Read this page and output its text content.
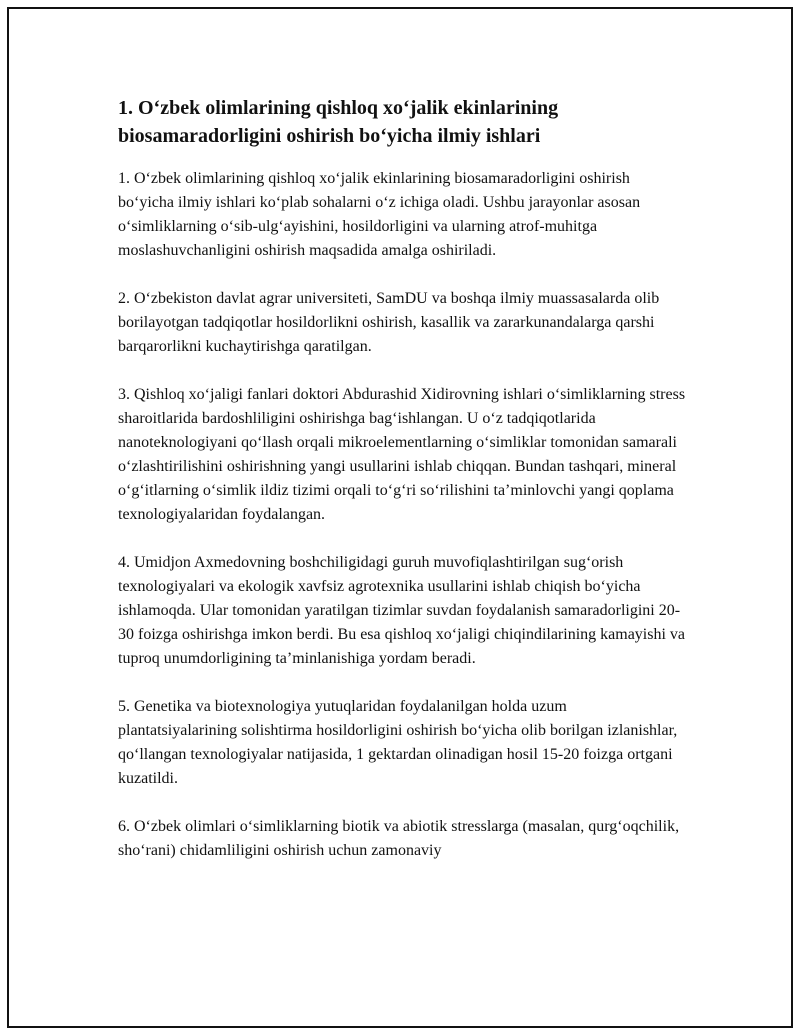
1. O‘zbek olimlarining qishloq xo‘jalik ekinlarining biosamaradorligini oshirish bo‘yicha ilmiy ishlari

1. O‘zbek olimlarining qishloq xo‘jalik ekinlarining biosamaradorligini oshirish bo‘yicha ilmiy ishlari ko‘plab sohalarni o‘z ichiga oladi. Ushbu jarayonlar asosan o‘simliklarning o‘sib-ulg‘ayishini, hosildorligini va ularning atrof-muhitga moslashuvchanligini oshirish maqsadida amalga oshiriladi.

2. O‘zbekiston davlat agrar universiteti, SamDU va boshqa ilmiy muassasalarda olib borilayotgan tadqiqotlar hosildorlikni oshirish, kasallik va zararkunandalarga qarshi barqarorlikni kuchaytirishga qaratilgan.

3. Qishloq xo‘jaligi fanlari doktori Abdurashid Xidirovning ishlari o‘simliklarning stress sharoitlarida bardoshliligini oshirishga bag‘ishlangan. U o‘z tadqiqotlarida nanoteknologiyani qo‘llash orqali mikroelementlarning o‘simliklar tomonidan samarali o‘zlashtirilishini oshirishning yangi usullarini ishlab chiqqan. Bundan tashqari, mineral o‘g‘itlarning o‘simlik ildiz tizimi orqali to‘g‘ri so‘rilishini ta’minlovchi yangi qoplama texnologiyalaridan foydalangan.

4. Umidjon Axmedovning boshchiligidagi guruh muvofiqlashtirilgan sug‘orish texnologiyalari va ekologik xavfsiz agrotexnika usullarini ishlab chiqish bo‘yicha ishlamoqda. Ular tomonidan yaratilgan tizimlar suvdan foydalanish samaradorligini 20-30 foizga oshirishga imkon berdi. Bu esa qishloq xo‘jaligi chiqindilarining kamayishi va tuproq unumdorligining ta’minlanishiga yordam beradi.

5. Genetika va biotexnologiya yutuqlaridan foydalanilgan holda uzum plantatsiyalarining solishtirma hosildorligini oshirish bo‘yicha olib borilgan izlanishlar, qo‘llangan texnologiyalar natijasida, 1 gektardan olinadigan hosil 15-20 foizga ortgani kuzatildi.

6. O‘zbek olimlari o‘simliklarning biotik va abiotik stresslarga (masalan, qurg‘oqchilik, sho‘rani) chidamliligini oshirish uchun zamonaviy
